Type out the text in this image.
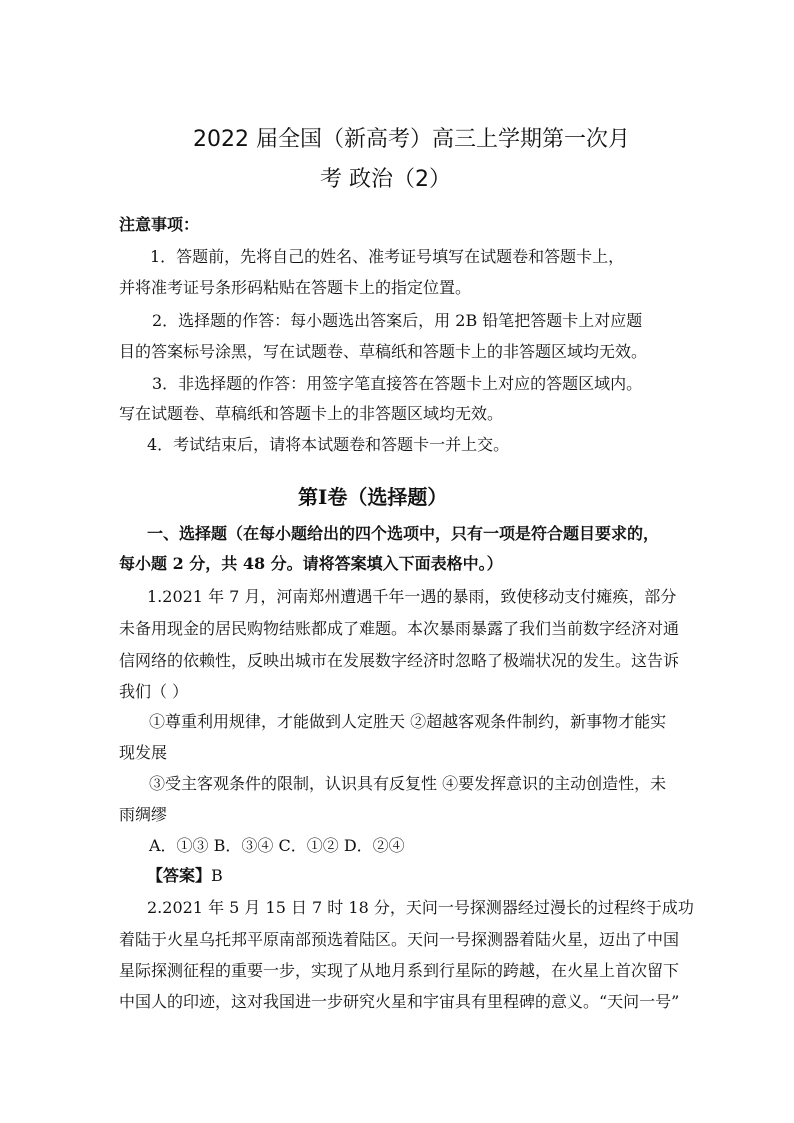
2022 届全国（新高考）高三上学期第一次月
考 政治（2）
注意事项：
1．答题前，先将自己的姓名、准考证号填写在试题卷和答题卡上，
并将准考证号条形码粘贴在答题卡上的指定位置。
2．选择题的作答：每小题选出答案后，用 2B 铅笔把答题卡上对应题
目的答案标号涂黑，写在试题卷、草稿纸和答题卡上的非答题区域均无效。
3．非选择题的作答：用签字笔直接答在答题卡上对应的答题区域内。
写在试题卷、草稿纸和答题卡上的非答题区域均无效。
4．考试结束后，请将本试题卷和答题卡一并上交。
第Ⅰ卷（选择题）
一、选择题（在每小题给出的四个选项中，只有一项是符合题目要求的，
每小题 2 分，共 48 分。请将答案填入下面表格中。）
1.2021 年 7 月，河南郑州遭遇千年一遇的暴雨，致使移动支付瘫痪，部分
未备用现金的居民购物结账都成了难题。本次暴雨暴露了我们当前数字经济对通
信网络的依赖性，反映出城市在发展数字经济时忽略了极端状况的发生。这告诉
我们（ ）
①尊重利用规律，才能做到人定胜天 ②超越客观条件制约，新事物才能实
现发展
③受主客观条件的限制，认识具有反复性 ④要发挥意识的主动创造性，未
雨绸缪
A．①③ B．③④ C．①② D．②④
【答案】B
2.2021 年 5 月 15 日 7 时 18 分，天问一号探测器经过漫长的过程终于成功
着陆于火星乌托邦平原南部预选着陆区。天问一号探测器着陆火星，迈出了中国
星际探测征程的重要一步，实现了从地月系到行星际的跨越，在火星上首次留下
中国人的印迹，这对我国进一步研究火星和宇宙具有里程碑的意义。“天问一号”
